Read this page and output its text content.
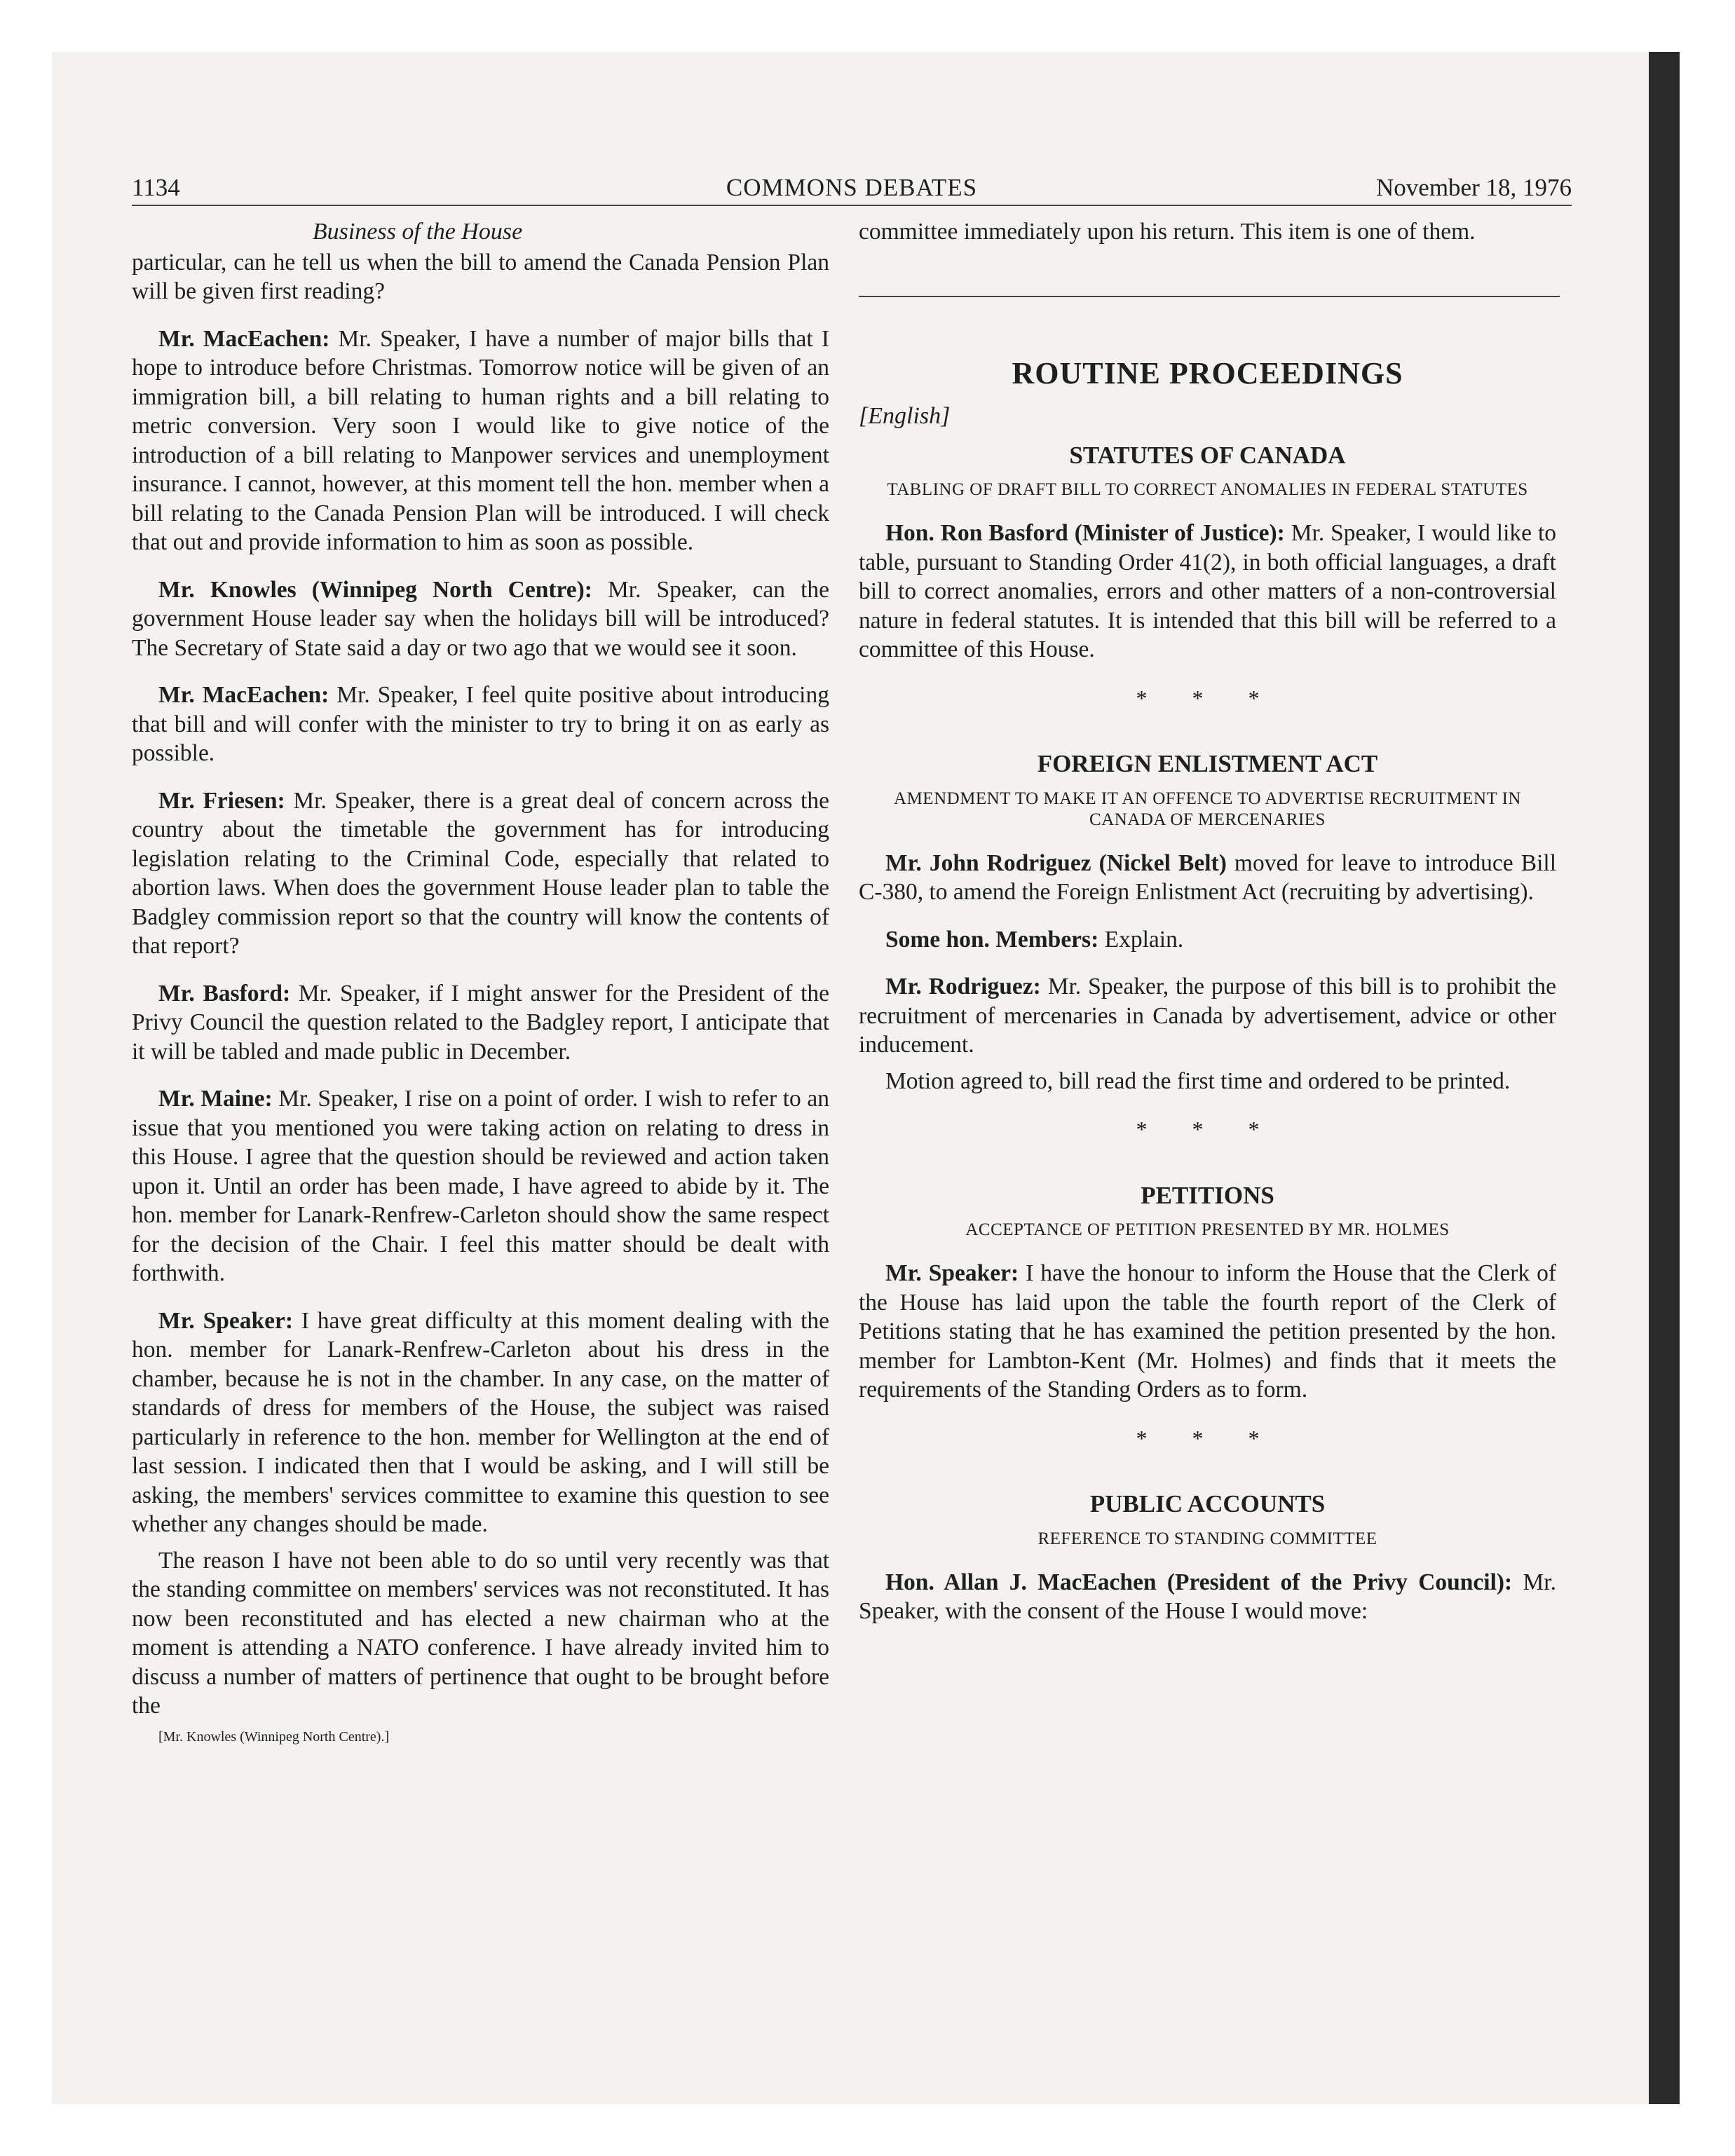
1134	COMMONS DEBATES	November 18, 1976
Business of the House

particular, can he tell us when the bill to amend the Canada Pension Plan will be given first reading?

Mr. MacEachen: Mr. Speaker, I have a number of major bills that I hope to introduce before Christmas. Tomorrow notice will be given of an immigration bill, a bill relating to human rights and a bill relating to metric conversion. Very soon I would like to give notice of the introduction of a bill relating to Manpower services and unemployment insurance. I cannot, however, at this moment tell the hon. member when a bill relating to the Canada Pension Plan will be introduced. I will check that out and provide information to him as soon as possible.

Mr. Knowles (Winnipeg North Centre): Mr. Speaker, can the government House leader say when the holidays bill will be introduced? The Secretary of State said a day or two ago that we would see it soon.

Mr. MacEachen: Mr. Speaker, I feel quite positive about introducing that bill and will confer with the minister to try to bring it on as early as possible.

Mr. Friesen: Mr. Speaker, there is a great deal of concern across the country about the timetable the government has for introducing legislation relating to the Criminal Code, especially that related to abortion laws. When does the government House leader plan to table the Badgley commission report so that the country will know the contents of that report?

Mr. Basford: Mr. Speaker, if I might answer for the President of the Privy Council the question related to the Badgley report, I anticipate that it will be tabled and made public in December.

Mr. Maine: Mr. Speaker, I rise on a point of order. I wish to refer to an issue that you mentioned you were taking action on relating to dress in this House. I agree that the question should be reviewed and action taken upon it. Until an order has been made, I have agreed to abide by it. The hon. member for Lanark-Renfrew-Carleton should show the same respect for the decision of the Chair. I feel this matter should be dealt with forthwith.

Mr. Speaker: I have great difficulty at this moment dealing with the hon. member for Lanark-Renfrew-Carleton about his dress in the chamber, because he is not in the chamber. In any case, on the matter of standards of dress for members of the House, the subject was raised particularly in reference to the hon. member for Wellington at the end of last session. I indicated then that I would be asking, and I will still be asking, the members' services committee to examine this question to see whether any changes should be made.

The reason I have not been able to do so until very recently was that the standing committee on members' services was not reconstituted. It has now been reconstituted and has elected a new chairman who at the moment is attending a NATO conference. I have already invited him to discuss a number of matters of pertinence that ought to be brought before the

[Mr. Knowles (Winnipeg North Centre).]

committee immediately upon his return. This item is one of them.

ROUTINE PROCEEDINGS
[English]
STATUTES OF CANADA
TABLING OF DRAFT BILL TO CORRECT ANOMALIES IN FEDERAL STATUTES

Hon. Ron Basford (Minister of Justice): Mr. Speaker, I would like to table, pursuant to Standing Order 41(2), in both official languages, a draft bill to correct anomalies, errors and other matters of a non-controversial nature in federal statutes. It is intended that this bill will be referred to a committee of this House.

* * *
FOREIGN ENLISTMENT ACT
AMENDMENT TO MAKE IT AN OFFENCE TO ADVERTISE RECRUITMENT IN CANADA OF MERCENARIES

Mr. John Rodriguez (Nickel Belt) moved for leave to introduce Bill C-380, to amend the Foreign Enlistment Act (recruiting by advertising).

Some hon. Members: Explain.

Mr. Rodriguez: Mr. Speaker, the purpose of this bill is to prohibit the recruitment of mercenaries in Canada by advertisement, advice or other inducement.

Motion agreed to, bill read the first time and ordered to be printed.

* * *
PETITIONS
ACCEPTANCE OF PETITION PRESENTED BY MR. HOLMES

Mr. Speaker: I have the honour to inform the House that the Clerk of the House has laid upon the table the fourth report of the Clerk of Petitions stating that he has examined the petition presented by the hon. member for Lambton-Kent (Mr. Holmes) and finds that it meets the requirements of the Standing Orders as to form.

* * *
PUBLIC ACCOUNTS
REFERENCE TO STANDING COMMITTEE

Hon. Allan J. MacEachen (President of the Privy Council): Mr. Speaker, with the consent of the House I would move:
